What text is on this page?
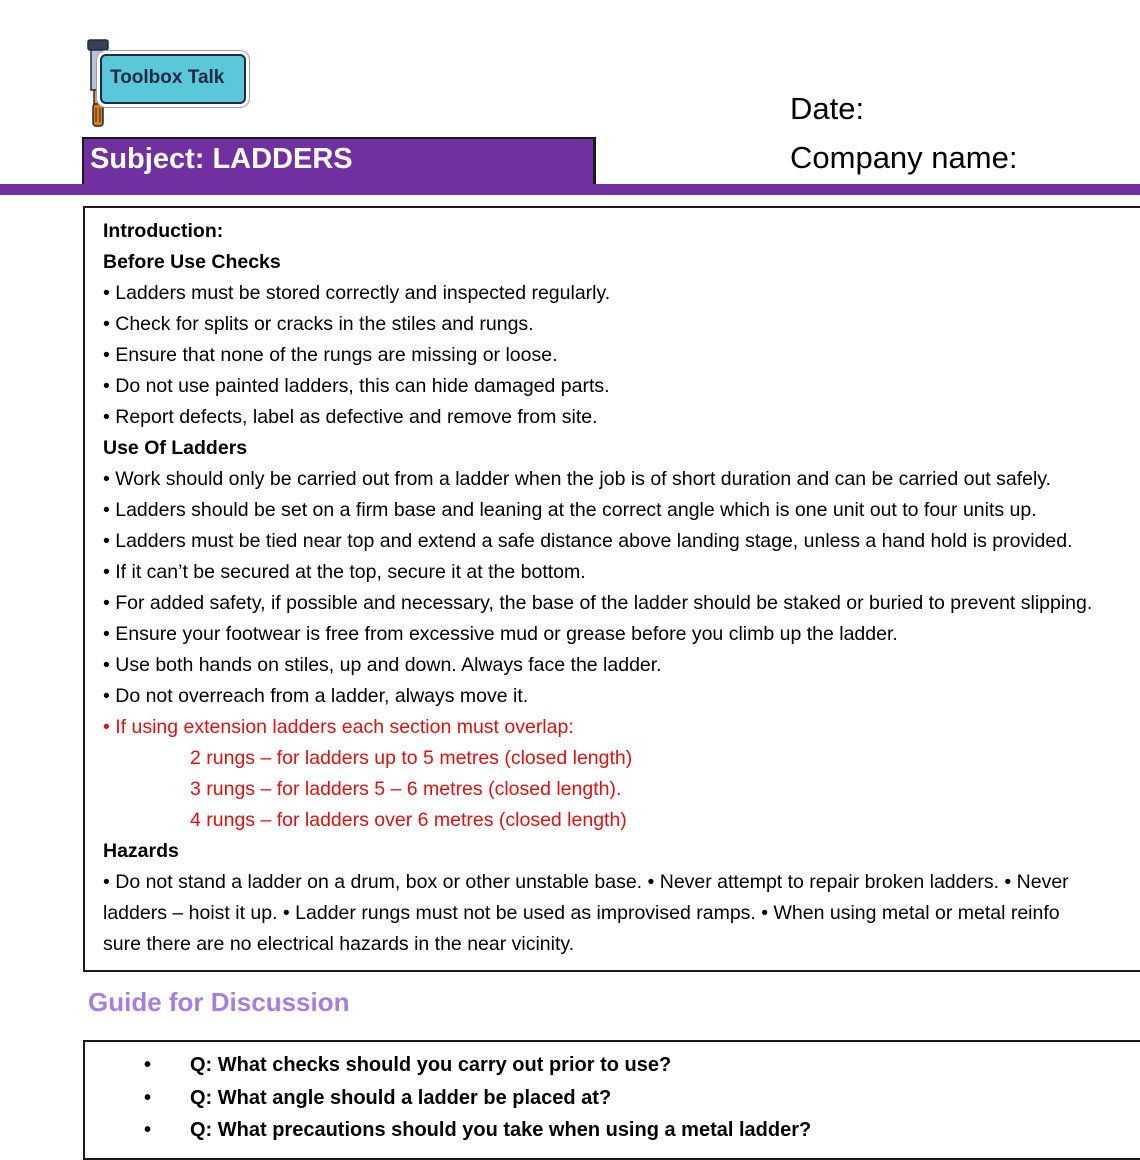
Toolbox Talk
Subject: LADDERS
Date:
Company name:
Introduction:
Before Use Checks
• Ladders must be stored correctly and inspected regularly.
• Check for splits or cracks in the stiles and rungs.
• Ensure that none of the rungs are missing or loose.
• Do not use painted ladders, this can hide damaged parts.
• Report defects, label as defective and remove from site.
Use Of Ladders
• Work should only be carried out from a ladder when the job is of short duration and can be carried out safely.
• Ladders should be set on a firm base and leaning at the correct angle which is one unit out to four units up.
• Ladders must be tied near top and extend a safe distance above landing stage, unless a hand hold is provided.
• If it can’t be secured at the top, secure it at the bottom.
• For added safety, if possible and necessary, the base of the ladder should be staked or buried to prevent slipping.
• Ensure your footwear is free from excessive mud or grease before you climb up the ladder.
• Use both hands on stiles, up and down. Always face the ladder.
• Do not overreach from a ladder, always move it.
• If using extension ladders each section must overlap:
2 rungs – for ladders up to 5 metres (closed length)
3 rungs – for ladders 5 – 6 metres (closed length).
4 rungs – for ladders over 6 metres (closed length)
Hazards
• Do not stand a ladder on a drum, box or other unstable base. • Never attempt to repair broken ladders. • Never
ladders – hoist it up. • Ladder rungs must not be used as improvised ramps. • When using metal or metal reinfo
sure there are no electrical hazards in the near vicinity.
Guide for Discussion
• Q: What checks should you carry out prior to use?
• Q: What angle should a ladder be placed at?
• Q: What precautions should you take when using a metal ladder?
